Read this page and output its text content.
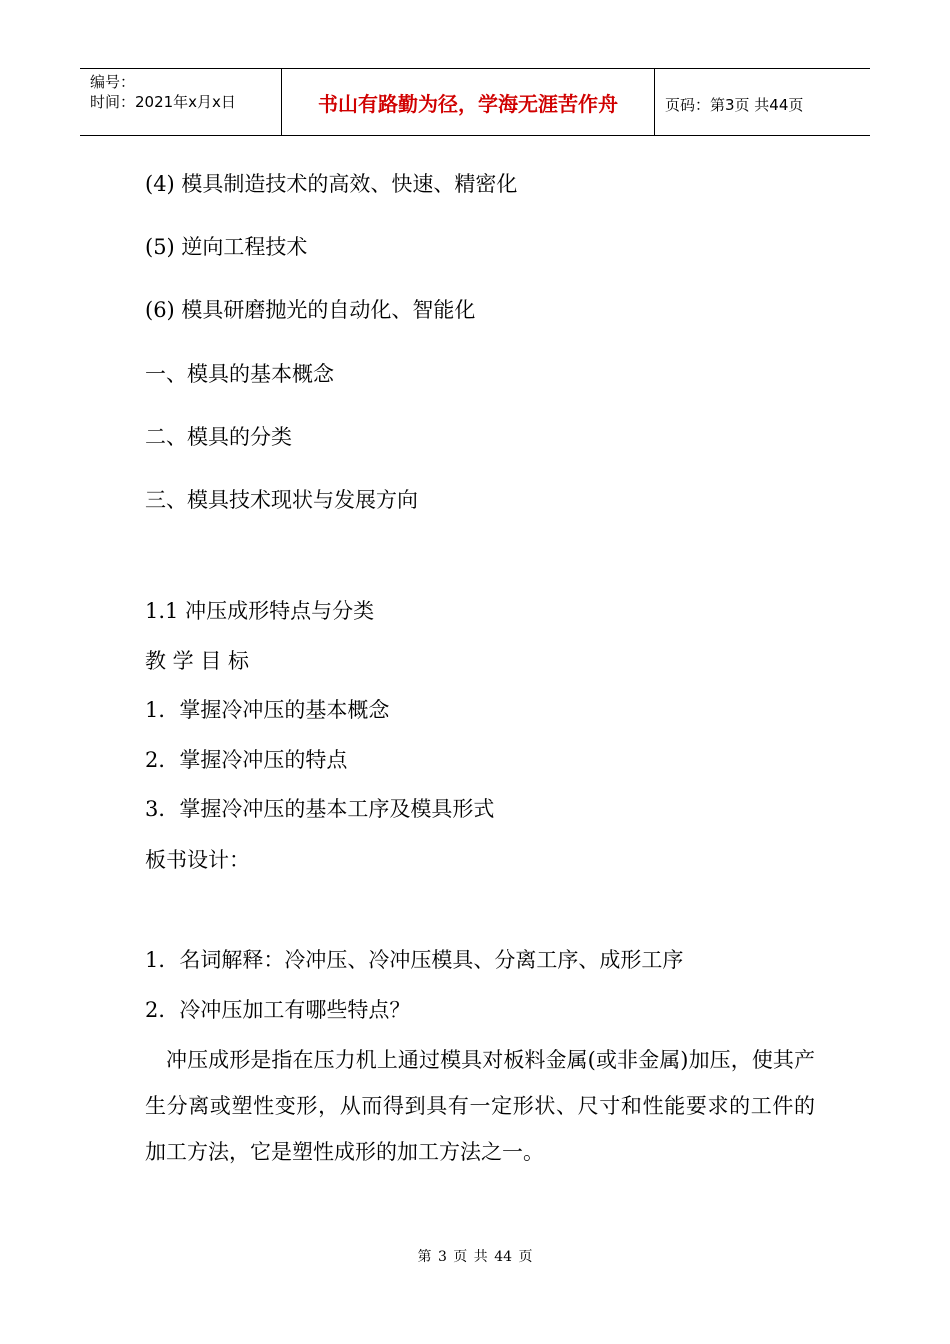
编号：
时间：2021年x月x日	书山有路勤为径，学海无涯苦作舟	页码：第3页 共44页
(4) 模具制造技术的高效、快速、精密化
(5) 逆向工程技术
(6) 模具研磨抛光的自动化、智能化
一、模具的基本概念
二、模具的分类
三、模具技术现状与发展方向
1.1 冲压成形特点与分类
教 学 目 标
1．掌握冷冲压的基本概念
2．掌握冷冲压的特点
3．掌握冷冲压的基本工序及模具形式
板书设计：
1．名词解释：冷冲压、冷冲压模具、分离工序、成形工序
2．冷冲压加工有哪些特点？
冲压成形是指在压力机上通过模具对板料金属(或非金属)加压，使其产生分离或塑性变形，从而得到具有一定形状、尺寸和性能要求的工件的加工方法，它是塑性成形的加工方法之一。
第 3 页 共 44 页
